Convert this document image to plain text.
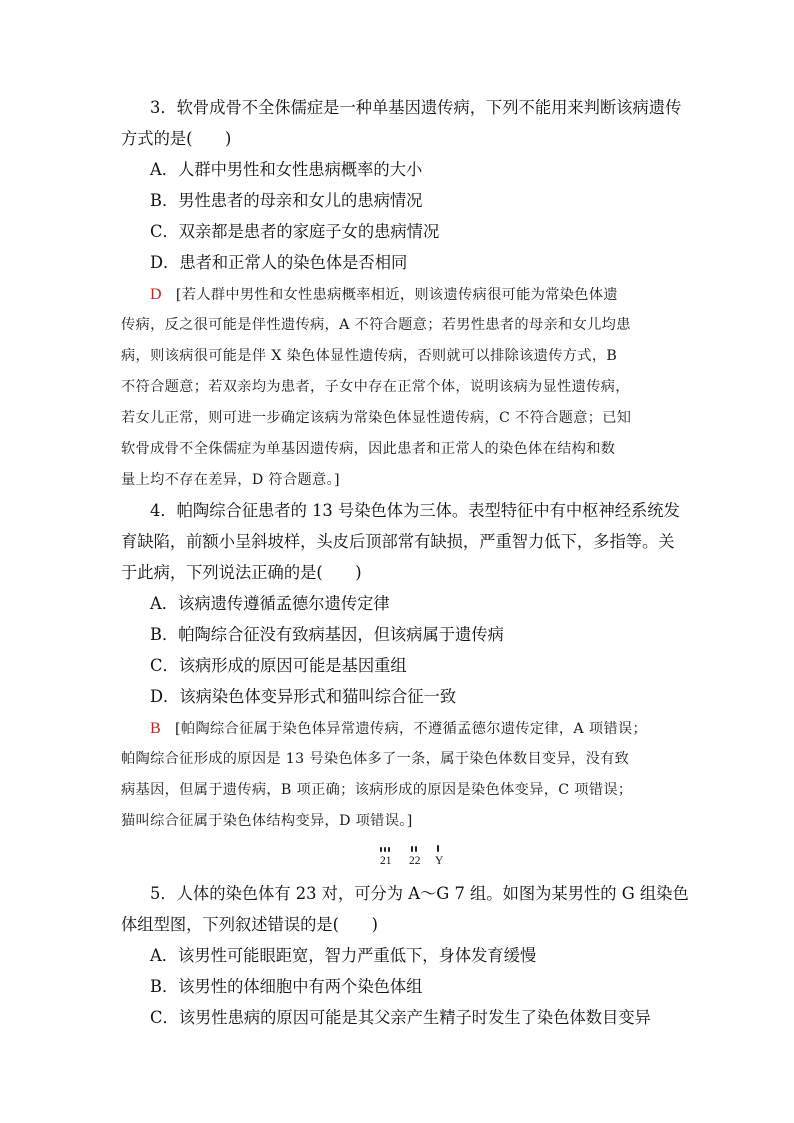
3．软骨成骨不全侏儒症是一种单基因遗传病，下列不能用来判断该病遗传
方式的是(　　)
A．人群中男性和女性患病概率的大小
B．男性患者的母亲和女儿的患病情况
C．双亲都是患者的家庭子女的患病情况
D．患者和正常人的染色体是否相同
D [若人群中男性和女性患病概率相近，则该遗传病很可能为常染色体遗
传病，反之很可能是伴性遗传病，A 不符合题意；若男性患者的母亲和女儿均患
病，则该病很可能是伴 X 染色体显性遗传病，否则就可以排除该遗传方式，B
不符合题意；若双亲均为患者，子女中存在正常个体，说明该病为显性遗传病，
若女儿正常，则可进一步确定该病为常染色体显性遗传病，C 不符合题意；已知
软骨成骨不全侏儒症为单基因遗传病，因此患者和正常人的染色体在结构和数
量上均不存在差异，D 符合题意。]
4．帕陶综合征患者的 13 号染色体为三体。表型特征中有中枢神经系统发
育缺陷，前额小呈斜坡样，头皮后顶部常有缺损，严重智力低下，多指等。关
于此病，下列说法正确的是(　　)
A．该病遗传遵循孟德尔遗传定律
B．帕陶综合征没有致病基因，但该病属于遗传病
C．该病形成的原因可能是基因重组
D．该病染色体变异形式和猫叫综合征一致
B [帕陶综合征属于染色体异常遗传病，不遵循孟德尔遗传定律，A 项错误；
帕陶综合征形成的原因是 13 号染色体多了一条，属于染色体数目变异，没有致
病基因，但属于遗传病，B 项正确；该病形成的原因是染色体变异，C 项错误；
猫叫综合征属于染色体结构变异，D 项错误。]
21 22 Y
5．人体的染色体有 23 对，可分为 A～G 7 组。如图为某男性的 G 组染色
体组型图，下列叙述错误的是(　　)
A．该男性可能眼距宽，智力严重低下，身体发育缓慢
B．该男性的体细胞中有两个染色体组
C．该男性患病的原因可能是其父亲产生精子时发生了染色体数目变异
